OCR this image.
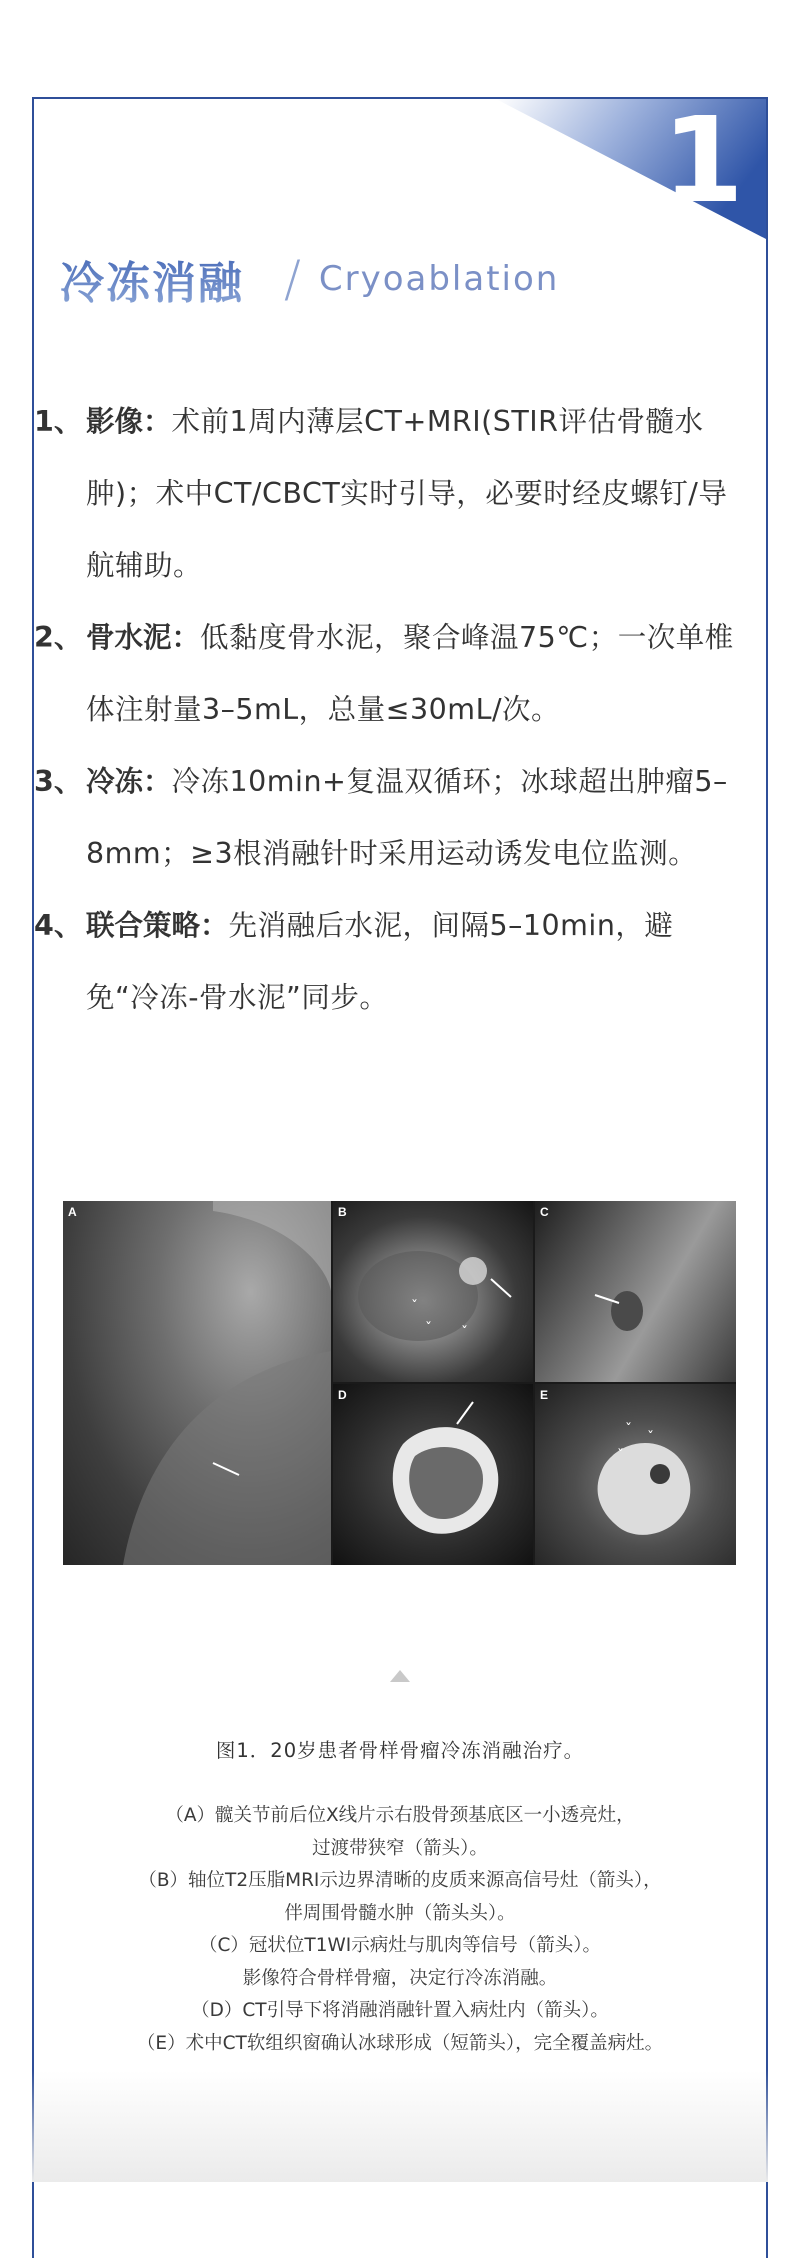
1
冷冻消融 / Cryoablation
1、 影像：术前1周内薄层CT+MRI(STIR评估骨髓水肿)；术中CT/CBCT实时引导，必要时经皮螺钉/导航辅助。
2、 骨水泥：低黏度骨水泥，聚合峰温75℃；一次单椎体注射量3–5mL，总量≤30mL/次。
3、 冷冻：冷冻10min+复温双循环；冰球超出肿瘤5–8mm；≥3根消融针时采用运动诱发电位监测。
4、 联合策略：先消融后水泥，间隔5–10min，避免“冷冻-骨水泥”同步。
A
ˇ
ˇ ˇ
B	C
D
ˇ ˇ
ˇ
E
图1．20岁患者骨样骨瘤冷冻消融治疗。
（A）髋关节前后位X线片示右股骨颈基底区一小透亮灶，
过渡带狭窄（箭头）。
（B）轴位T2压脂MRI示边界清晰的皮质来源高信号灶（箭头），
伴周围骨髓水肿（箭头头）。
（C）冠状位T1WI示病灶与肌肉等信号（箭头）。
影像符合骨样骨瘤，决定行冷冻消融。
（D）CT引导下将消融消融针置入病灶内（箭头）。
（E）术中CT软组织窗确认冰球形成（短箭头），完全覆盖病灶。
